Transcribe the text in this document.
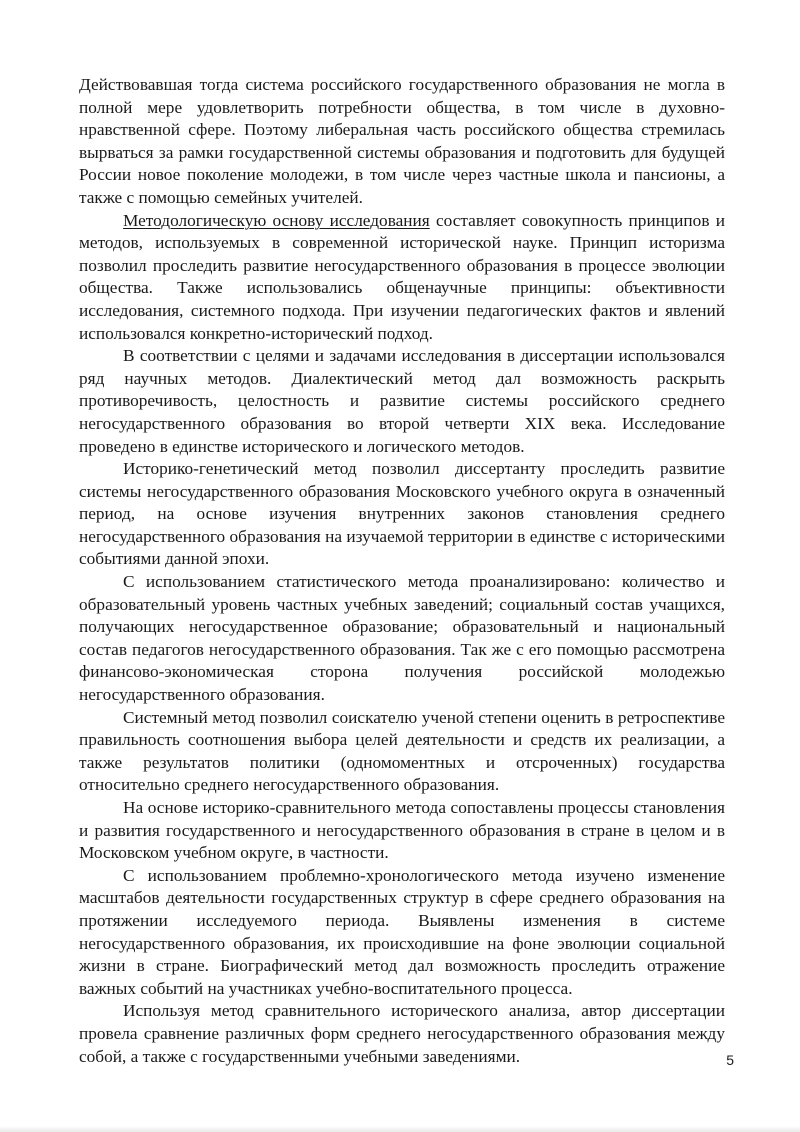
Действовавшая тогда система российского государственного образования не могла в полной мере удовлетворить потребности общества, в том числе в духовно-нравственной сфере. Поэтому либеральная часть российского общества стремилась вырваться за рамки государственной системы образования и подготовить для будущей России новое поколение молодежи, в том числе через частные школа и пансионы, а также с помощью семейных учителей.

Методологическую основу исследования составляет совокупность принципов и методов, используемых в современной исторической науке. Принцип историзма позволил проследить развитие негосударственного образования в процессе эволюции общества. Также использовались общенаучные принципы: объективности исследования, системного подхода. При изучении педагогических фактов и явлений использовался конкретно-исторический подход.

В соответствии с целями и задачами исследования в диссертации использовался ряд научных методов. Диалектический метод дал возможность раскрыть противоречивость, целостность и развитие системы российского среднего негосударственного образования во второй четверти XIX века. Исследование проведено в единстве исторического и логического методов.

Историко-генетический метод позволил диссертанту проследить развитие системы негосударственного образования Московского учебного округа в означенный период, на основе изучения внутренних законов становления среднего негосударственного образования на изучаемой территории в единстве с историческими событиями данной эпохи.

С использованием статистического метода проанализировано: количество и образовательный уровень частных учебных заведений; социальный состав учащихся, получающих негосударственное образование; образовательный и национальный состав педагогов негосударственного образования. Так же с его помощью рассмотрена финансово-экономическая сторона получения российской молодежью негосударственного образования.

Системный метод позволил соискателю ученой степени оценить в ретроспективе правильность соотношения выбора целей деятельности и средств их реализации, а также результатов политики (одномоментных и отсроченных) государства относительно среднего негосударственного образования.

На основе историко-сравнительного метода сопоставлены процессы становления и развития государственного и негосударственного образования в стране в целом и в Московском учебном округе, в частности.

С использованием проблемно-хронологического метода изучено изменение масштабов деятельности государственных структур в сфере среднего образования на протяжении исследуемого периода. Выявлены изменения в системе негосударственного образования, их происходившие на фоне эволюции социальной жизни в стране. Биографический метод дал возможность проследить отражение важных событий на участниках учебно-воспитательного процесса.

Используя метод сравнительного исторического анализа, автор диссертации провела сравнение различных форм среднего негосударственного образования между собой, а также с государственными учебными заведениями.	5
